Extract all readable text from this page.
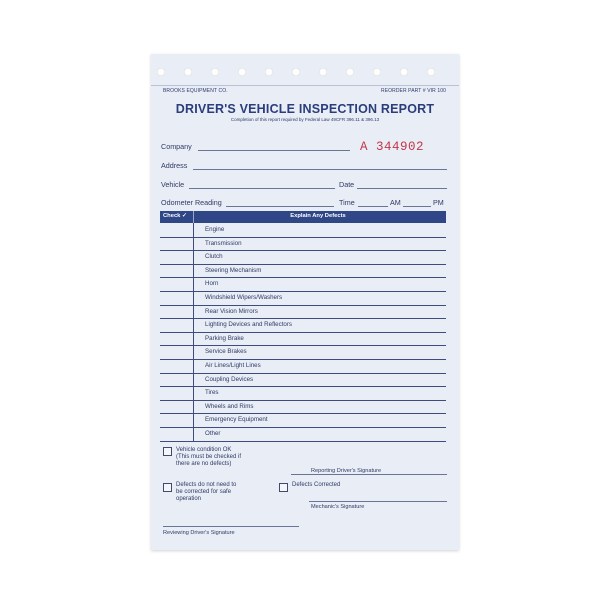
BROOKS EQUIPMENT CO.	REORDER PART # VIR 100
DRIVER'S VEHICLE INSPECTION REPORT
Completion of this report required by Federal Law 49CFR 396.11 & 396.13
Company	A 344902
Address
Vehicle	Date
Odometer Reading	Time	AM	PM
Check ✓	Explain Any Defects
Engine
Transmission
Clutch
Steering Mechanism
Horn
Windshield Wipers/Washers
Rear Vision Mirrors
Lighting Devices and Reflectors
Parking Brake
Service Brakes
Air Lines/Light Lines
Coupling Devices
Tires
Wheels and Rims
Emergency Equipment
Other
Vehicle condition OK
(This must be checked if
there are no defects)
Reporting Driver's Signature
Defects do not need to
be corrected for safe
operation
Defects Corrected
Mechanic's Signature
Reviewing Driver's Signature
